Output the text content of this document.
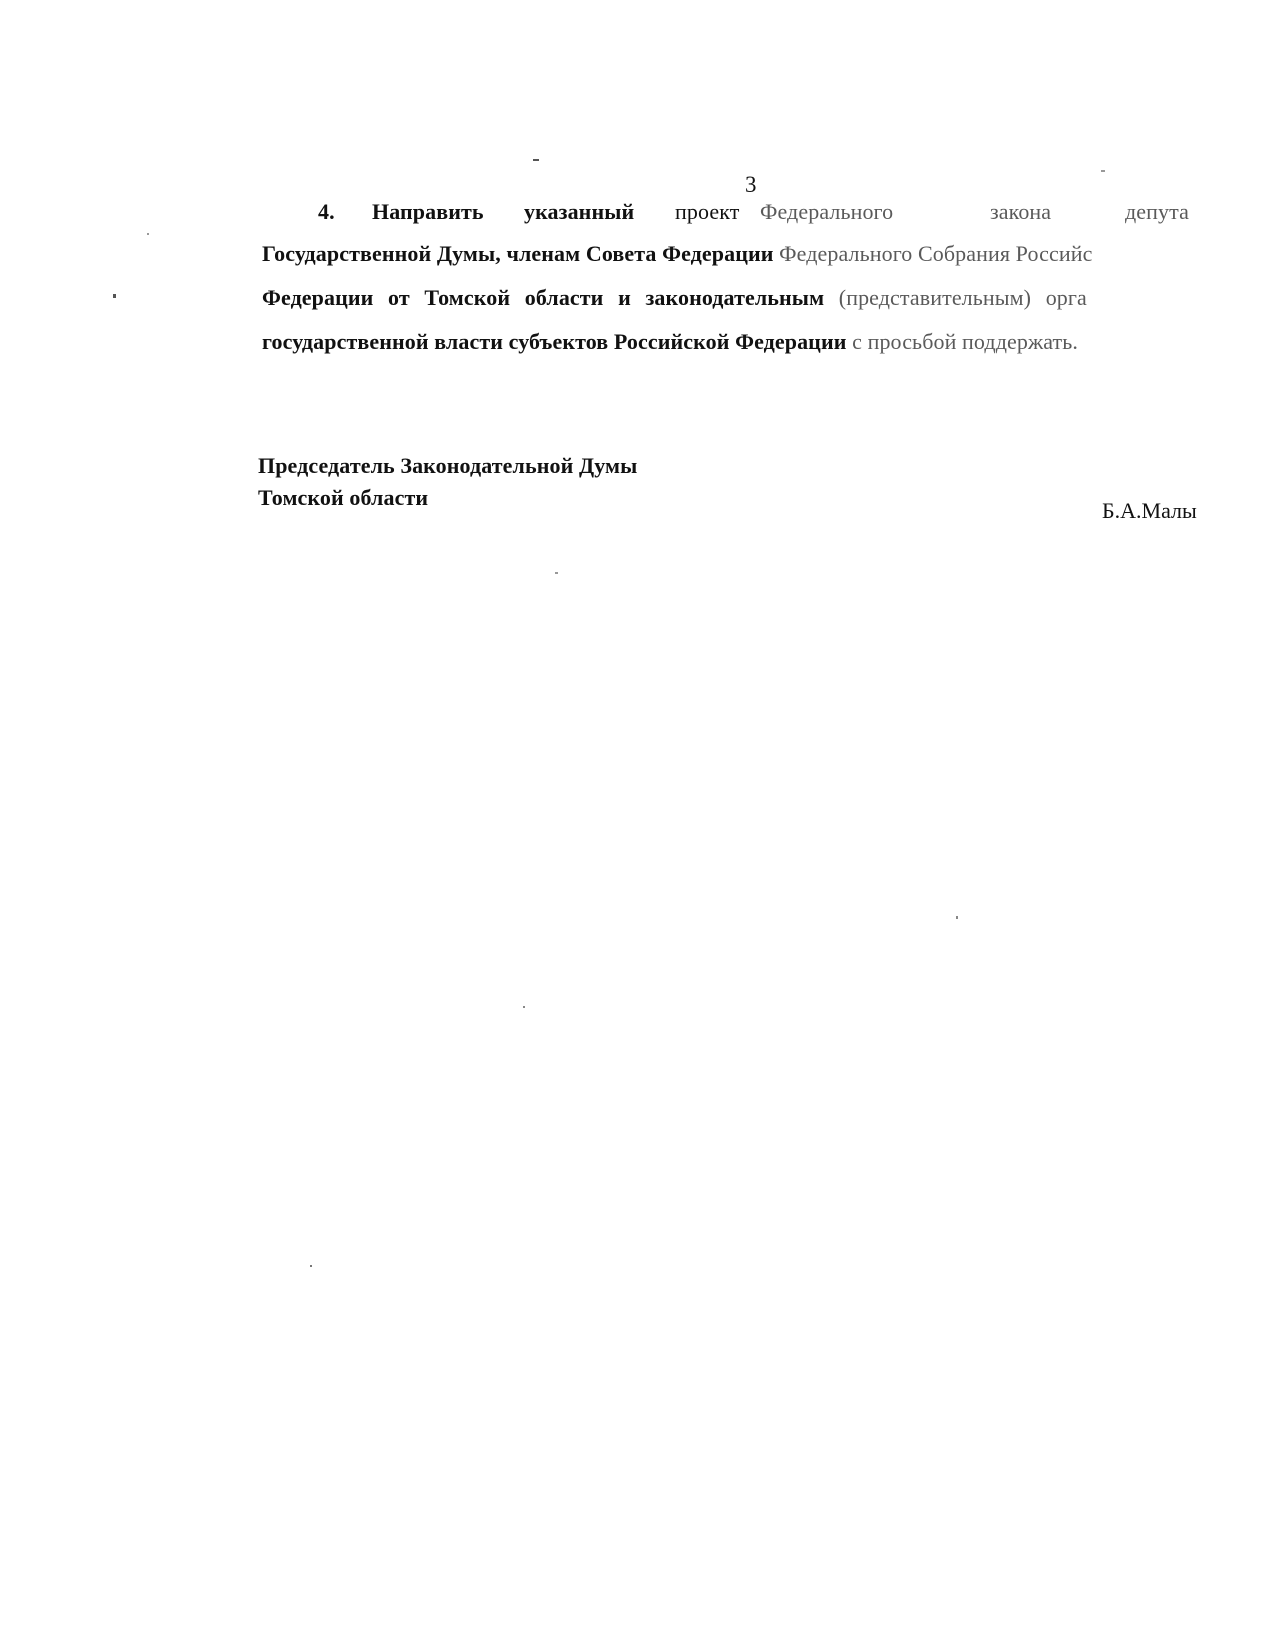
3
4. Направить указанный проект Федерального	закона	депута
Государственной Думы, членам Совета Федерации Федерального Собрания Российс
Федерации от Томской области и законодательным (представительным) орга
государственной власти субъектов Российской Федерации с просьбой поддержать.
Председатель Законодательной Думы
Томской области
Б.А.Малы
